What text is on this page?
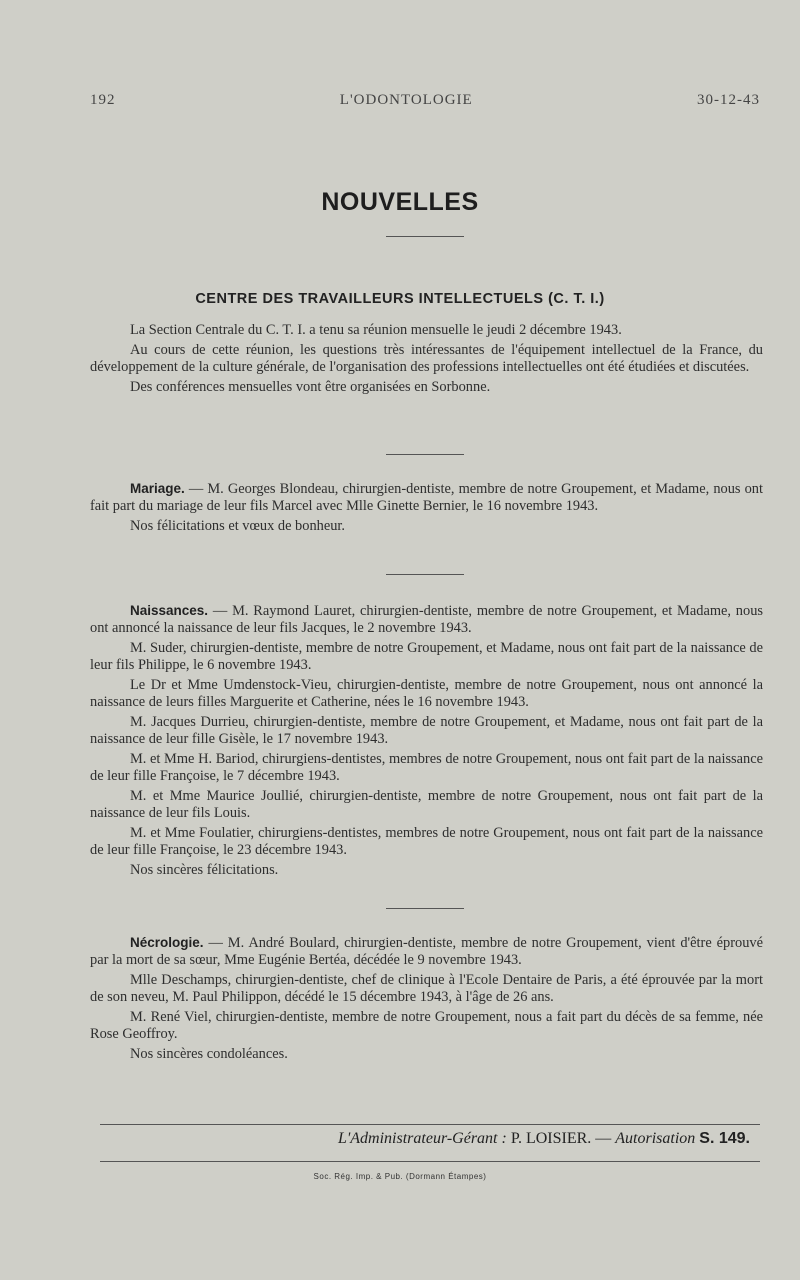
192	L'ODONTOLOGIE	30-12-43
NOUVELLES
CENTRE DES TRAVAILLEURS INTELLECTUELS (C. T. I.)

La Section Centrale du C. T. I. a tenu sa réunion mensuelle le jeudi 2 décembre 1943.

Au cours de cette réunion, les questions très intéressantes de l'équipement intellectuel de la France, du développement de la culture générale, de l'organisation des professions intellectuelles ont été étudiées et discutées.

Des conférences mensuelles vont être organisées en Sorbonne.

Mariage. — M. Georges Blondeau, chirurgien-dentiste, membre de notre Groupement, et Madame, nous ont fait part du mariage de leur fils Marcel avec Mlle Ginette Bernier, le 16 novembre 1943.

Nos félicitations et vœux de bonheur.

Naissances. — M. Raymond Lauret, chirurgien-dentiste, membre de notre Groupement, et Madame, nous ont annoncé la naissance de leur fils Jacques, le 2 novembre 1943.

M. Suder, chirurgien-dentiste, membre de notre Groupement, et Madame, nous ont fait part de la naissance de leur fils Philippe, le 6 novembre 1943.

Le Dr et Mme Umdenstock-Vieu, chirurgien-dentiste, membre de notre Groupement, nous ont annoncé la naissance de leurs filles Marguerite et Catherine, nées le 16 novembre 1943.

M. Jacques Durrieu, chirurgien-dentiste, membre de notre Groupement, et Madame, nous ont fait part de la naissance de leur fille Gisèle, le 17 novembre 1943.

M. et Mme H. Bariod, chirurgiens-dentistes, membres de notre Groupement, nous ont fait part de la naissance de leur fille Françoise, le 7 décembre 1943.

M. et Mme Maurice Joullié, chirurgien-dentiste, membre de notre Groupement, nous ont fait part de la naissance de leur fils Louis.

M. et Mme Foulatier, chirurgiens-dentistes, membres de notre Groupement, nous ont fait part de la naissance de leur fille Françoise, le 23 décembre 1943.

Nos sincères félicitations.

Nécrologie. — M. André Boulard, chirurgien-dentiste, membre de notre Groupement, vient d'être éprouvé par la mort de sa sœur, Mme Eugénie Bertéa, décédée le 9 novembre 1943.

Mlle Deschamps, chirurgien-dentiste, chef de clinique à l'Ecole Dentaire de Paris, a été éprouvée par la mort de son neveu, M. Paul Philippon, décédé le 15 décembre 1943, à l'âge de 26 ans.

M. René Viel, chirurgien-dentiste, membre de notre Groupement, nous a fait part du décès de sa femme, née Rose Geoffroy.

Nos sincères condoléances.

L'Administrateur-Gérant : P. LOISIER. — Autorisation S. 149.
Soc. Rég. Imp. & Pub. (Dormann Étampes)
